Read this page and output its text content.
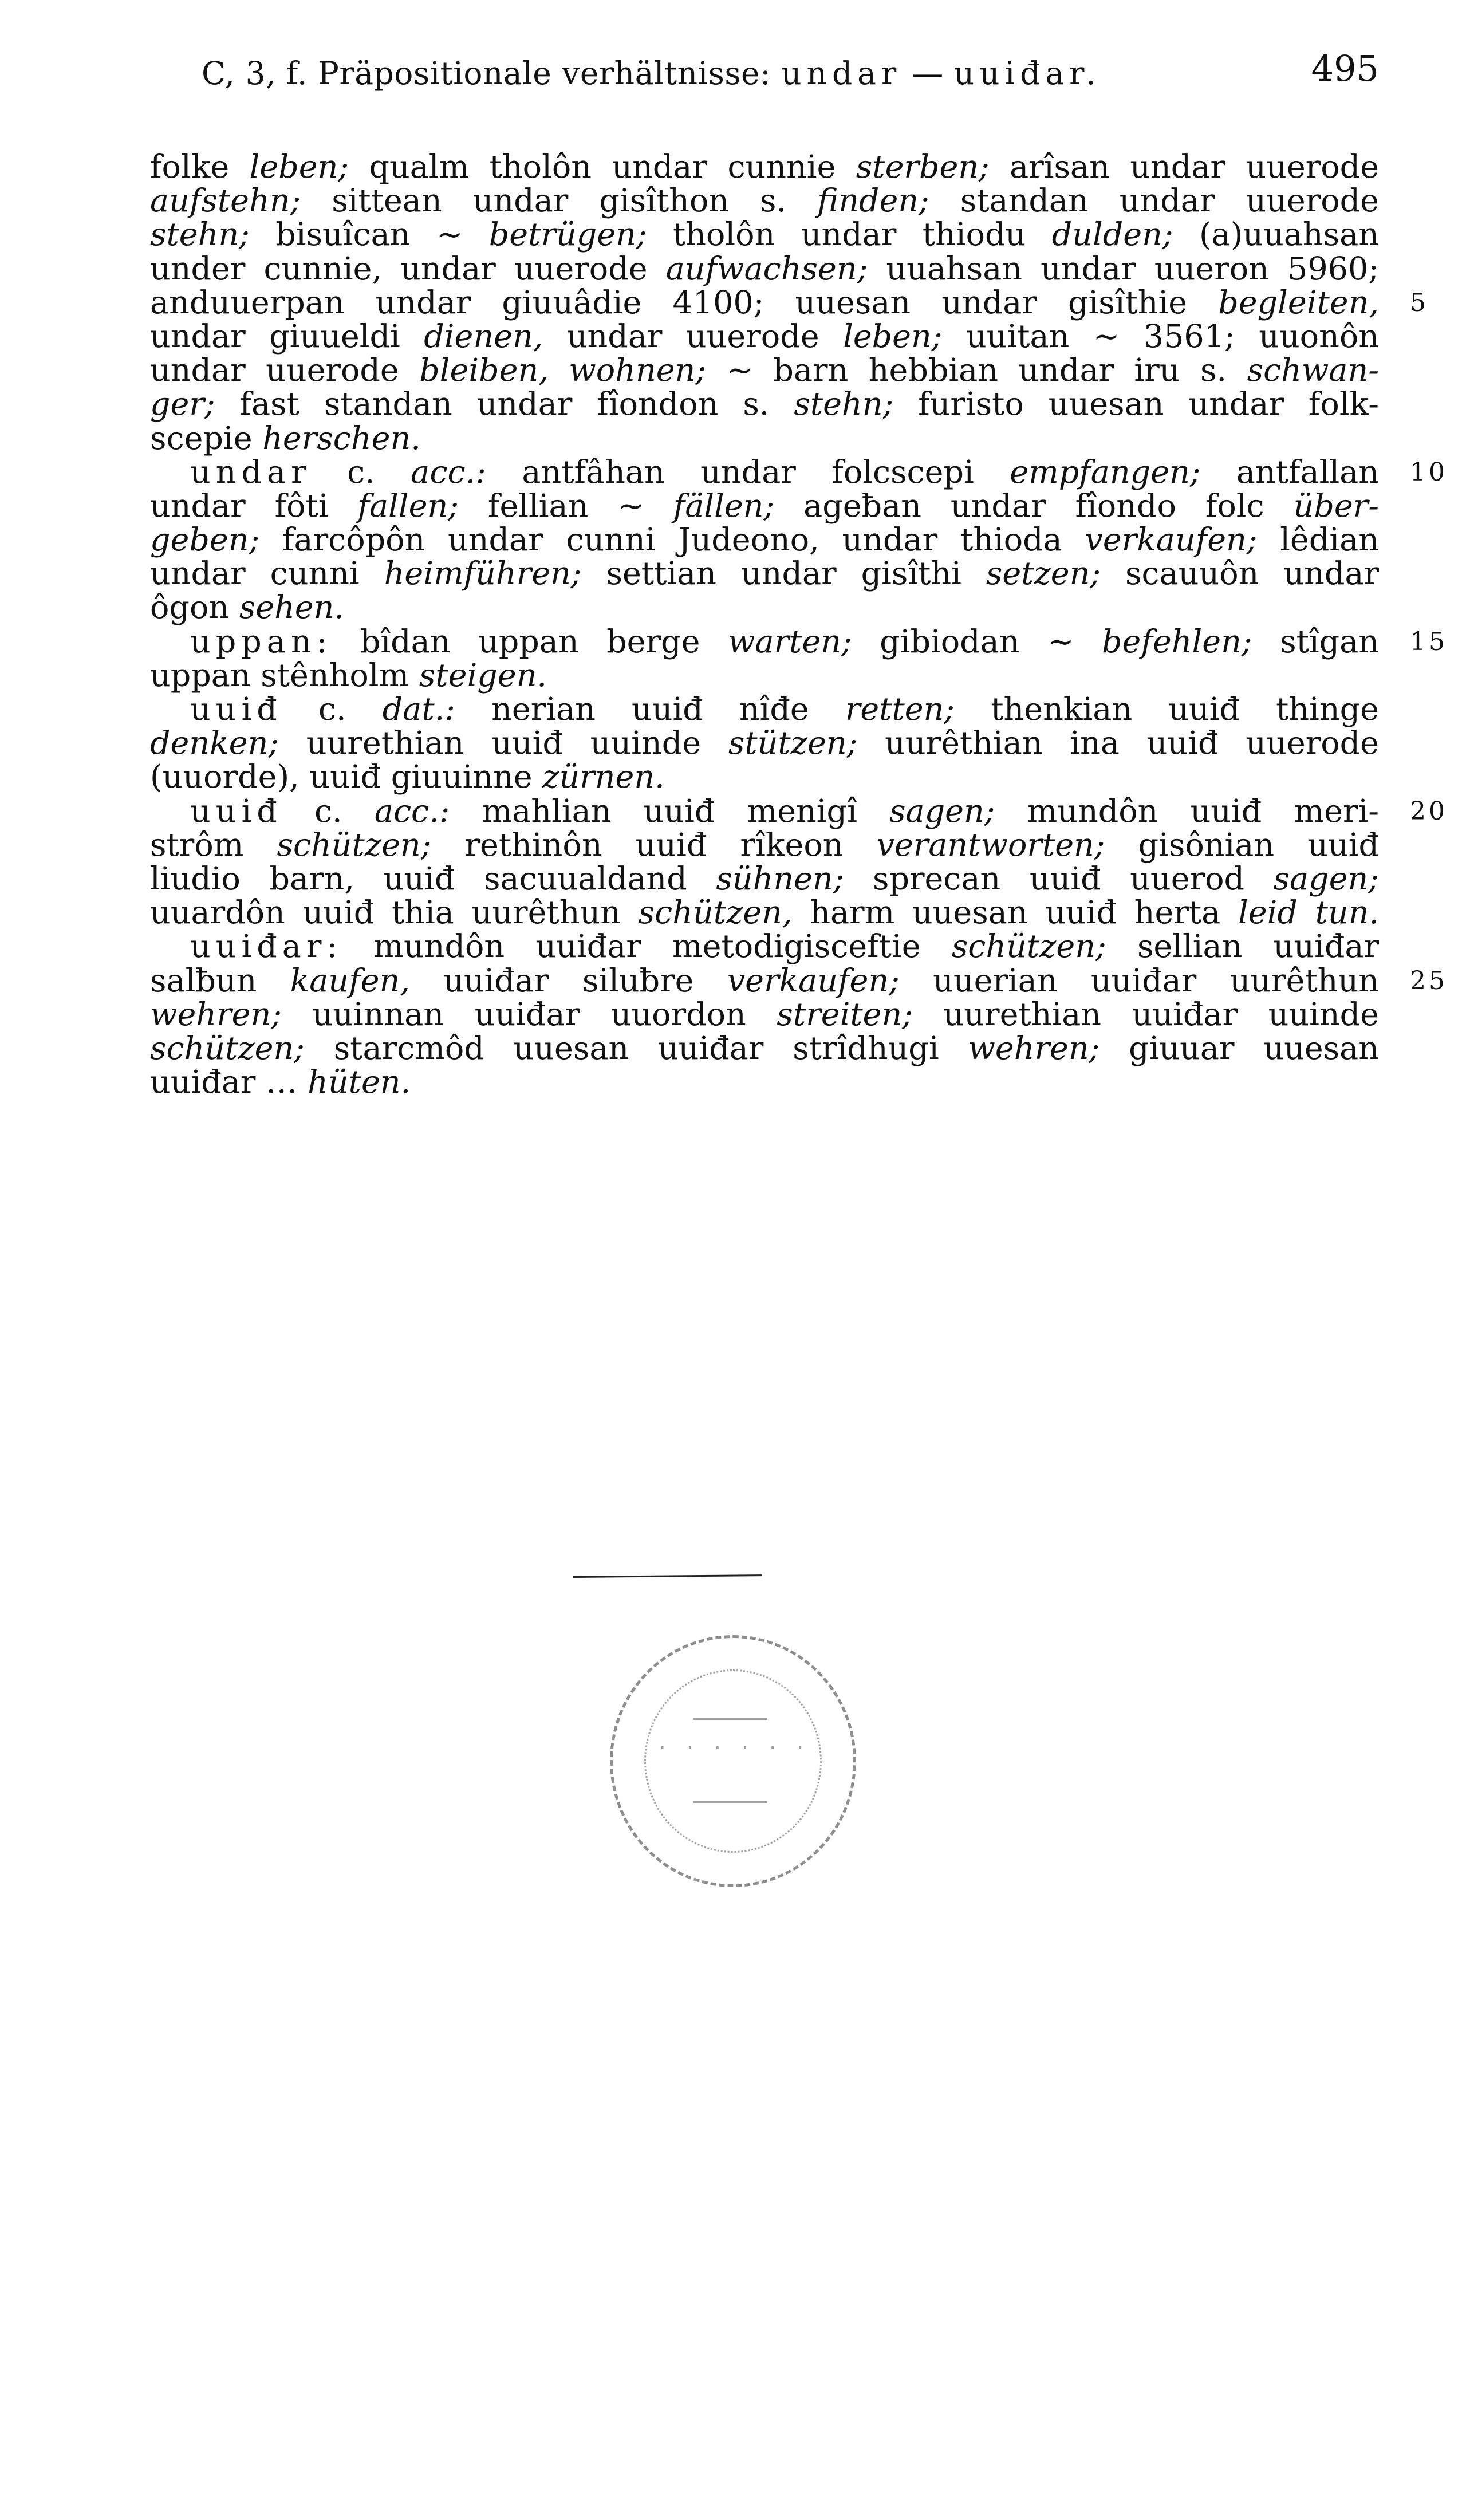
C, 3, f. Präpositionale verhältnisse: undar — uuiđar.	495
folke leben; qualm tholôn undar cunnie sterben; arîsan undar uuerode
aufstehn; sittean undar gisîthon s. finden; standan undar uuerode
stehn; bisuîcan ∼ betrügen; tholôn undar thiodu dulden; (a)uuahsan
under cunnie, undar uuerode aufwachsen; uuahsan undar uueron 5960;
anduuerpan undar giuuâdie 4100; uuesan undar gisîthie begleiten, 5
undar giuueldi dienen, undar uuerode leben; uuitan ∼ 3561; uuonôn
undar uuerode bleiben, wohnen; ∼ barn hebbian undar iru s. schwan-
ger; fast standan undar fîondon s. stehn; furisto uuesan undar folk-
scepie herschen.
undar c. acc.: antfâhan undar folcscepi empfangen; antfallan 10
undar fôti fallen; fellian ∼ fällen; ageƀan undar fîondo folc über-
geben; farcôpôn undar cunni Judeono, undar thioda verkaufen; lêdian
undar cunni heimführen; settian undar gisîthi setzen; scauuôn undar
ôgon sehen.
uppan: bîdan uppan berge warten; gibiodan ∼ befehlen; stîgan 15
uppan stênholm steigen.
uuiđ c. dat.: nerian uuiđ nîđe retten; thenkian uuiđ thinge
denken; uurethian uuiđ uuinde stützen; uurêthian ina uuiđ uuerode
(uuorde), uuiđ giuuinne zürnen.
uuiđ c. acc.: mahlian uuiđ menigî sagen; mundôn uuiđ meri- 20
strôm schützen; rethinôn uuiđ rîkeon verantworten; gisônian uuiđ
liudio barn, uuiđ sacuualdand sühnen; sprecan uuiđ uuerod sagen;
uuardôn uuiđ thia uurêthun schützen, harm uuesan uuiđ herta leid tun.
uuiđar: mundôn uuiđar metodigisceftie schützen; sellian uuiđar
salƀun kaufen, uuiđar siluƀre verkaufen; uuerian uuiđar uurêthun 25
wehren; uuinnan uuiđar uuordon streiten; uurethian uuiđar uuinde
schützen; starcmôd uuesan uuiđar strîdhugi wehren; giuuar uuesan
uuiđar … hüten.
· · · · · ·
